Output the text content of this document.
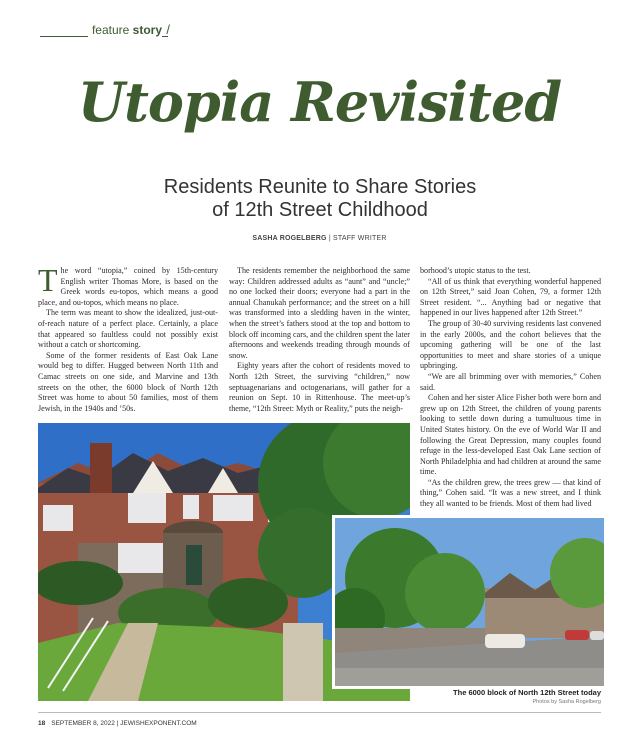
feature story /
Utopia Revisited
Residents Reunite to Share Stories
of 12th Street Childhood
SASHA ROGELBERG | STAFF WRITER

The word “utopia,” coined by 15th-century English writer Thomas More, is based on the Greek words eu-topos, which means a good place, and ou-topos, which means no place.

The term was meant to show the idealized, just-out-of-reach nature of a perfect place. Certainly, a place that appeared so faultless could not possibly exist without a catch or shortcoming.

Some of the former residents of East Oak Lane would beg to differ. Hugged between North 11th and Camac streets on one side, and Marvine and 13th streets on the other, the 6000 block of North 12th Street was home to about 50 families, most of them Jewish, in the 1940s and ’50s.

The residents remember the neighborhood the same way: Children addressed adults as “aunt” and “uncle;” no one locked their doors; everyone had a part in the annual Chanukah performance; and the street on a hill was transformed into a sledding haven in the winter, when the street’s fathers stood at the top and bottom to block off incoming cars, and the children spent the later afternoons and weekends treading through mounds of snow.

Eighty years after the cohort of residents moved to North 12th Street, the surviving “children,” now septuagenarians and octogenarians, will gather for a reunion on Sept. 10 in Rittenhouse. The meet-up’s theme, “12th Street: Myth or Reality,” puts the neigh-

borhood’s utopic status to the test.

“All of us think that everything wonderful happened on 12th Street,” said Joan Cohen, 79, a former 12th Street resident. “... Anything bad or negative that happened in our lives happened after 12th Street.”

The group of 30-40 surviving residents last convened in the early 2000s, and the cohort believes that the upcoming gathering will be one of the last opportunities to meet and share stories of a unique upbringing.

“We are all brimming over with memories,” Cohen said.

Cohen and her sister Alice Fisher both were born and grew up on 12th Street, the children of young parents looking to settle down during a tumultuous time in United States history. On the eve of World War II and following the Great Depression, many couples found refuge in the less-developed East Oak Lane section of North Philadelphia and had children at around the same time.

“As the children grew, the trees grew — that kind of thing,” Cohen said. “It was a new street, and I think they all wanted to be friends. Most of them had lived

The 6000 block of North 12th Street today
Photos by Sasha Rogelberg
18 SEPTEMBER 8, 2022 | JEWISHEXPONENT.COM
